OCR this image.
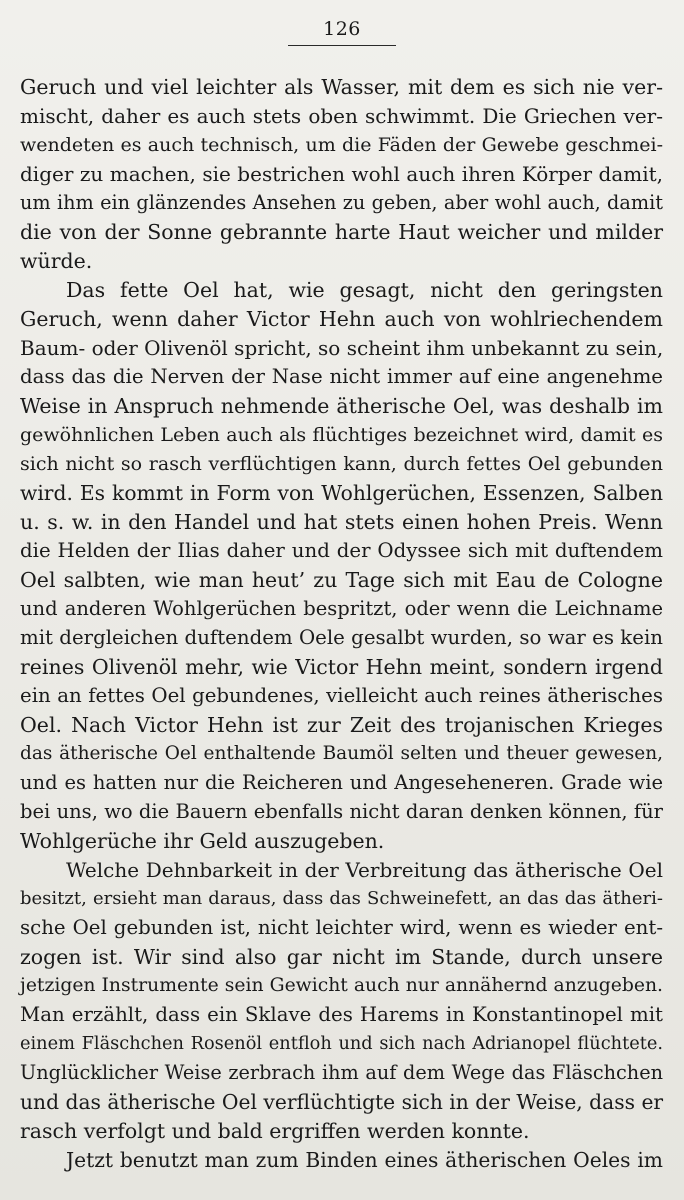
126
Geruch und viel leichter als Wasser, mit dem es sich nie ver-
mischt, daher es auch stets oben schwimmt. Die Griechen ver-
wendeten es auch technisch, um die Fäden der Gewebe geschmei-
diger zu machen, sie bestrichen wohl auch ihren Körper damit,
um ihm ein glänzendes Ansehen zu geben, aber wohl auch, damit
die von der Sonne gebrannte harte Haut weicher und milder
würde.
Das fette Oel hat, wie gesagt, nicht den geringsten
Geruch, wenn daher Victor Hehn auch von wohlriechendem
Baum- oder Olivenöl spricht, so scheint ihm unbekannt zu sein,
dass das die Nerven der Nase nicht immer auf eine angenehme
Weise in Anspruch nehmende ätherische Oel, was deshalb im
gewöhnlichen Leben auch als flüchtiges bezeichnet wird, damit es
sich nicht so rasch verflüchtigen kann, durch fettes Oel gebunden
wird. Es kommt in Form von Wohlgerüchen, Essenzen, Salben
u. s. w. in den Handel und hat stets einen hohen Preis. Wenn
die Helden der Ilias daher und der Odyssee sich mit duftendem
Oel salbten, wie man heut’ zu Tage sich mit Eau de Cologne
und anderen Wohlgerüchen bespritzt, oder wenn die Leichname
mit dergleichen duftendem Oele gesalbt wurden, so war es kein
reines Olivenöl mehr, wie Victor Hehn meint, sondern irgend
ein an fettes Oel gebundenes, vielleicht auch reines ätherisches
Oel. Nach Victor Hehn ist zur Zeit des trojanischen Krieges
das ätherische Oel enthaltende Baumöl selten und theuer gewesen,
und es hatten nur die Reicheren und Angeseheneren. Grade wie
bei uns, wo die Bauern ebenfalls nicht daran denken können, für
Wohlgerüche ihr Geld auszugeben.
Welche Dehnbarkeit in der Verbreitung das ätherische Oel
besitzt, ersieht man daraus, dass das Schweinefett, an das das ätheri-
sche Oel gebunden ist, nicht leichter wird, wenn es wieder ent-
zogen ist. Wir sind also gar nicht im Stande, durch unsere
jetzigen Instrumente sein Gewicht auch nur annähernd anzugeben.
Man erzählt, dass ein Sklave des Harems in Konstantinopel mit
einem Fläschchen Rosenöl entfloh und sich nach Adrianopel flüchtete.
Unglücklicher Weise zerbrach ihm auf dem Wege das Fläschchen
und das ätherische Oel verflüchtigte sich in der Weise, dass er
rasch verfolgt und bald ergriffen werden konnte.
Jetzt benutzt man zum Binden eines ätherischen Oeles im
